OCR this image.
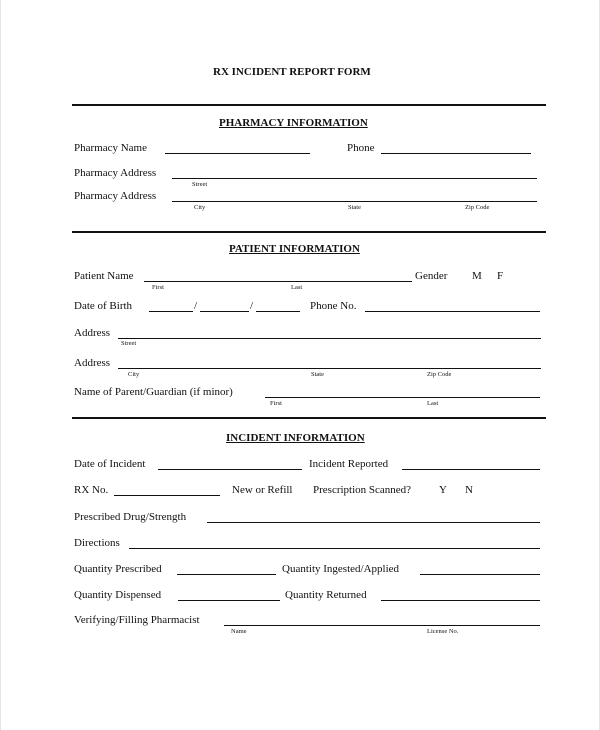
RX INCIDENT REPORT FORM
PHARMACY INFORMATION
Pharmacy Name	Phone
Pharmacy Address
Street
Pharmacy Address
City	State	Zip Code
PATIENT INFORMATION
Patient Name
First	Last
Gender M F
Date of Birth	/	/	Phone No.
Address
Street
Address
City	State	Zip Code
Name of Parent/Guardian (if minor)
First	Last
INCIDENT INFORMATION
Date of Incident	Incident Reported
RX No.	New or Refill Prescription Scanned?	Y N
Prescribed Drug/Strength
Directions
Quantity Prescribed	Quantity Ingested/Applied
Quantity Dispensed	Quantity Returned
Verifying/Filling Pharmacist
Name	License No.
